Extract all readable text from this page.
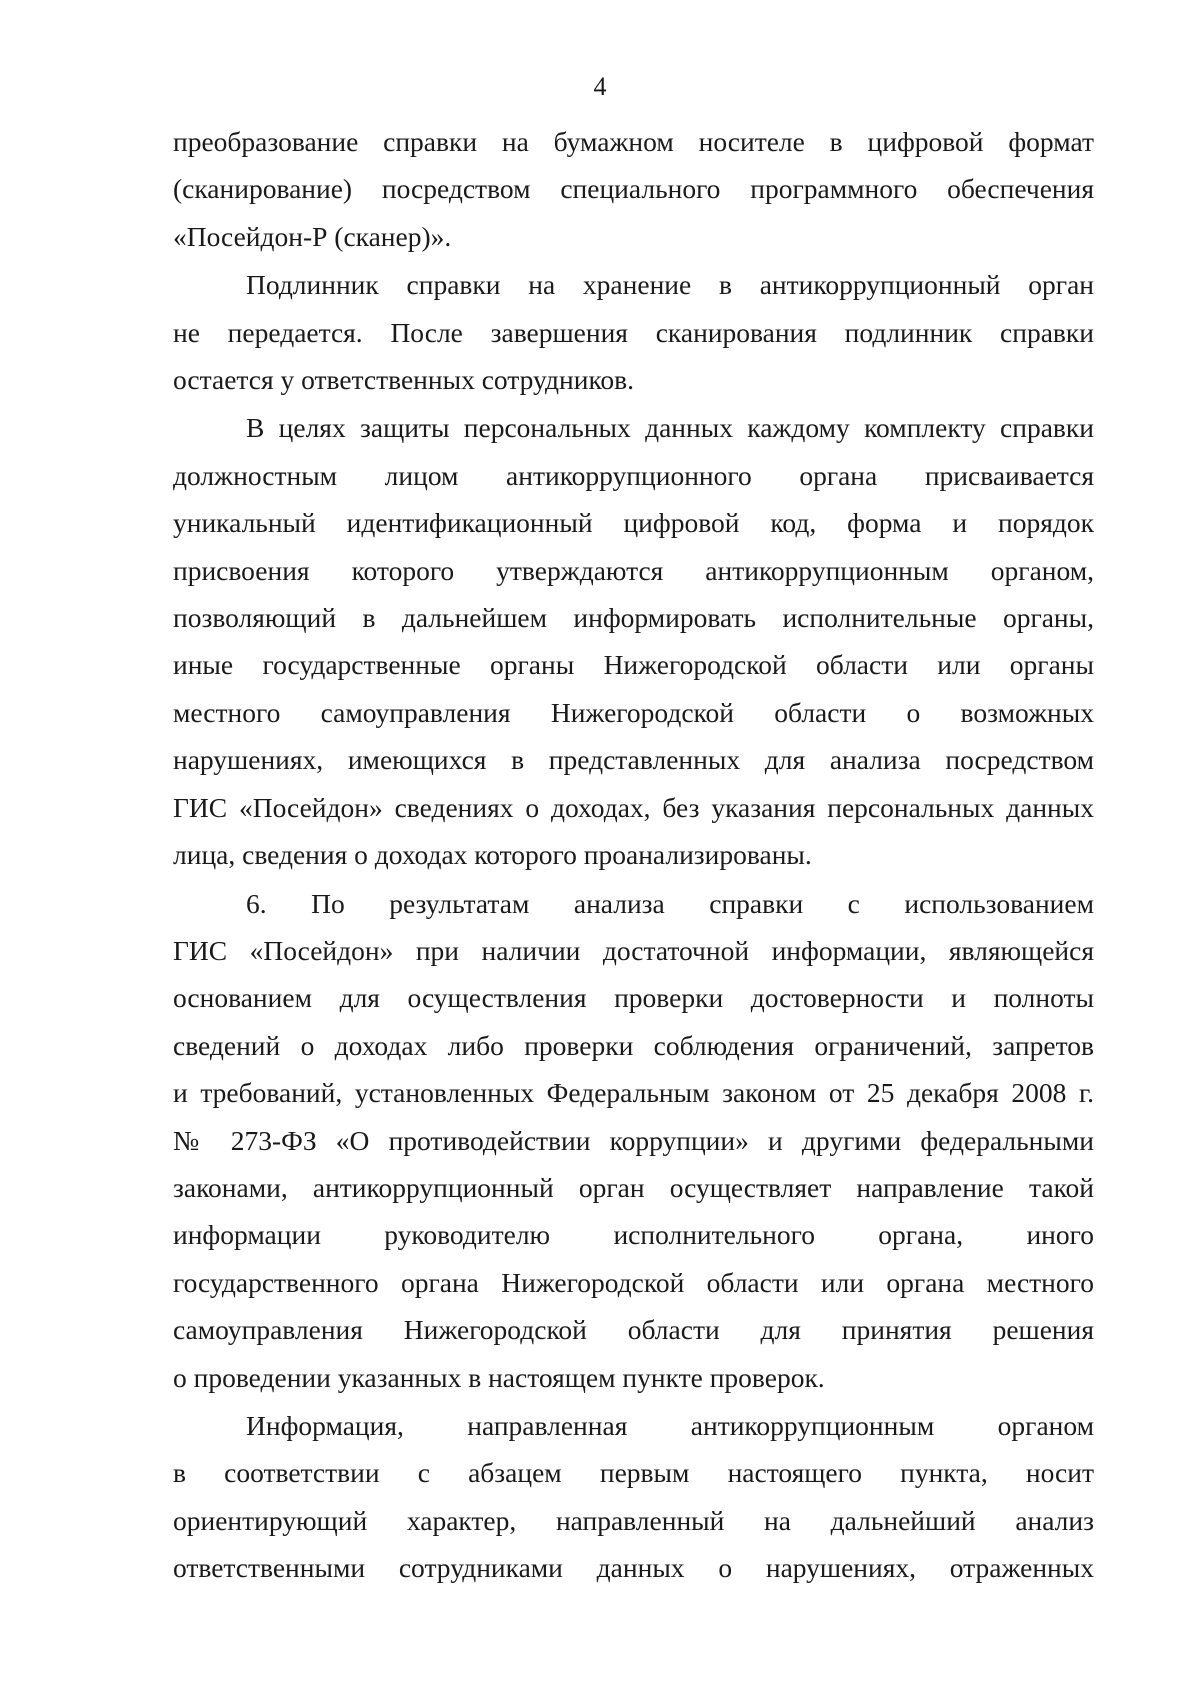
4
преобразование справки на бумажном носителе в цифровой формат
(сканирование) посредством специального программного обеспечения
«Посейдон-Р (сканер)».
Подлинник справки на хранение в антикоррупционный орган
не передается. После завершения сканирования подлинник справки
остается у ответственных сотрудников.
В целях защиты персональных данных каждому комплекту справки
должностным лицом антикоррупционного органа присваивается
уникальный идентификационный цифровой код, форма и порядок
присвоения которого утверждаются антикоррупционным органом,
позволяющий в дальнейшем информировать исполнительные органы,
иные государственные органы Нижегородской области или органы
местного самоуправления Нижегородской области о возможных
нарушениях, имеющихся в представленных для анализа посредством
ГИС «Посейдон» сведениях о доходах, без указания персональных данных
лица, сведения о доходах которого проанализированы.
6. По результатам анализа справки с использованием
ГИС «Посейдон» при наличии достаточной информации, являющейся
основанием для осуществления проверки достоверности и полноты
сведений о доходах либо проверки соблюдения ограничений, запретов
и требований, установленных Федеральным законом от 25 декабря 2008 г.
№ 273-ФЗ «О противодействии коррупции» и другими федеральными
законами, антикоррупционный орган осуществляет направление такой
информации руководителю исполнительного органа, иного
государственного органа Нижегородской области или органа местного
самоуправления Нижегородской области для принятия решения
о проведении указанных в настоящем пункте проверок.
Информация, направленная антикоррупционным органом
в соответствии с абзацем первым настоящего пункта, носит
ориентирующий характер, направленный на дальнейший анализ
ответственными сотрудниками данных о нарушениях, отраженных
